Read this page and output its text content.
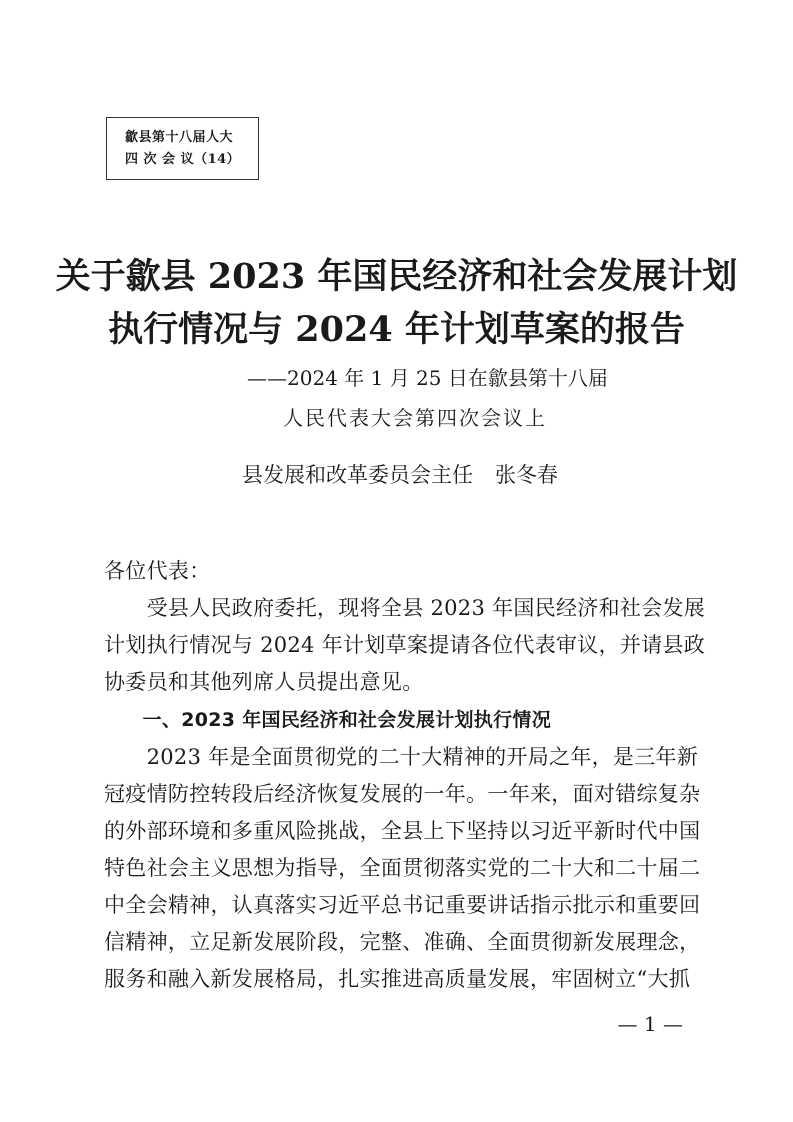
歙县第十八届人大
四 次 会 议（14）
关于歙县 2023 年国民经济和社会发展计划
执行情况与 2024 年计划草案的报告
——2024 年 1 月 25 日在歙县第十八届
人民代表大会第四次会议上
县发展和改革委员会主任 张冬春
各位代表：
　　受县人民政府委托，现将全县 2023 年国民经济和社会发展
计划执行情况与 2024 年计划草案提请各位代表审议，并请县政
协委员和其他列席人员提出意见。
　　一、2023 年国民经济和社会发展计划执行情况
　　2023 年是全面贯彻党的二十大精神的开局之年，是三年新
冠疫情防控转段后经济恢复发展的一年。一年来，面对错综复杂
的外部环境和多重风险挑战，全县上下坚持以习近平新时代中国
特色社会主义思想为指导，全面贯彻落实党的二十大和二十届二
中全会精神，认真落实习近平总书记重要讲话指示批示和重要回
信精神，立足新发展阶段，完整、准确、全面贯彻新发展理念，
服务和融入新发展格局，扎实推进高质量发展，牢固树立“大抓
— 1 —
